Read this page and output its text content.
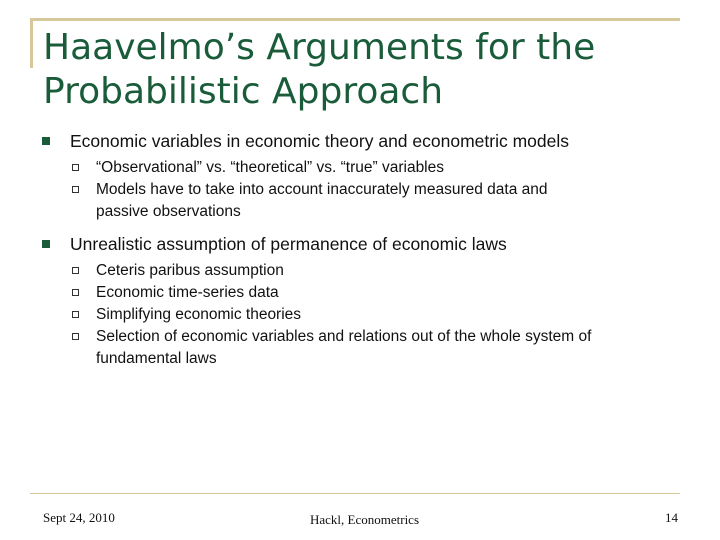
Haavelmo’s Arguments for the
Probabilistic Approach
Economic variables in economic theory and econometric models
“Observational” vs. “theoretical” vs. “true” variables
Models have to take into account inaccurately measured data and
passive observations
Unrealistic assumption of permanence of economic laws
Ceteris paribus assumption
Economic time-series data
Simplifying economic theories
Selection of economic variables and relations out of the whole system of
fundamental laws
Sept 24, 2010	Hackl, Econometrics	14
